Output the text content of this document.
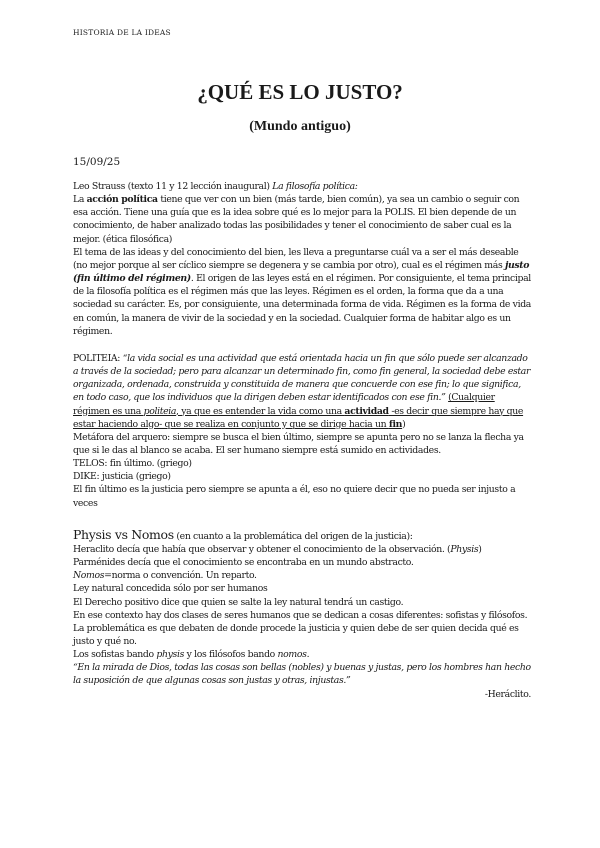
HISTORIA DE LA IDEAS
¿QUÉ ES LO JUSTO?
(Mundo antiguo)
15/09/25

Leo Strauss (texto 11 y 12 lección inaugural) La filosofía política:

La acción política tiene que ver con un bien (más tarde, bien común), ya sea un cambio o seguir con esa acción. Tiene una guía que es la idea sobre qué es lo mejor para la POLIS. El bien depende de un conocimiento, de haber analizado todas las posibilidades y tener el conocimiento de saber cual es la mejor. (ética filosófica)

El tema de las ideas y del conocimiento del bien, les lleva a preguntarse cuál va a ser el más deseable (no mejor porque al ser cíclico siempre se degenera y se cambia por otro), cual es el régimen más justo (fin último del régimen). El origen de las leyes está en el régimen. Por consiguiente, el tema principal de la filosofía política es el régimen más que las leyes. Régimen es el orden, la forma que da a una sociedad su carácter. Es, por consiguiente, una determinada forma de vida. Régimen es la forma de vida en común, la manera de vivir de la sociedad y en la sociedad. Cualquier forma de habitar algo es un régimen.

POLITEIA: “la vida social es una actividad que está orientada hacia un fin que sólo puede ser alcanzado a través de la sociedad; pero para alcanzar un determinado fin, como fin general, la sociedad debe estar organizada, ordenada, construida y constituida de manera que concuerde con ese fin; lo que significa, en todo caso, que los individuos que la dirigen deben estar identificados con ese fin.” (Cualquier régimen es una politeia, ya que es entender la vida como una actividad -es decir que siempre hay que estar haciendo algo- que se realiza en conjunto y que se dirige hacia un fin)

Metáfora del arquero: siempre se busca el bien último, siempre se apunta pero no se lanza la flecha ya que si le das al blanco se acaba. El ser humano siempre está sumido en actividades.

TELOS: fin último. (griego)

DIKE: justicia (griego)

El fin último es la justicia pero siempre se apunta a él, eso no quiere decir que no pueda ser injusto a veces

Physis vs Nomos (en cuanto a la problemática del origen de la justicia):

Heraclito decía que había que observar y obtener el conocimiento de la observación. (Physis)

Parménides decía que el conocimiento se encontraba en un mundo abstracto.

Nomos=norma o convención. Un reparto.

Ley natural concedida sólo por ser humanos

El Derecho positivo dice que quien se salte la ley natural tendrá un castigo.

En ese contexto hay dos clases de seres humanos que se dedican a cosas diferentes: sofistas y filósofos. La problemática es que debaten de donde procede la justicia y quien debe de ser quien decida qué es justo y qué no.

Los sofistas bando physis y los filósofos bando nomos.

“En la mirada de Dios, todas las cosas son bellas (nobles) y buenas y justas, pero los hombres han hecho la suposición de que algunas cosas son justas y otras, injustas.”

-Heráclito.
